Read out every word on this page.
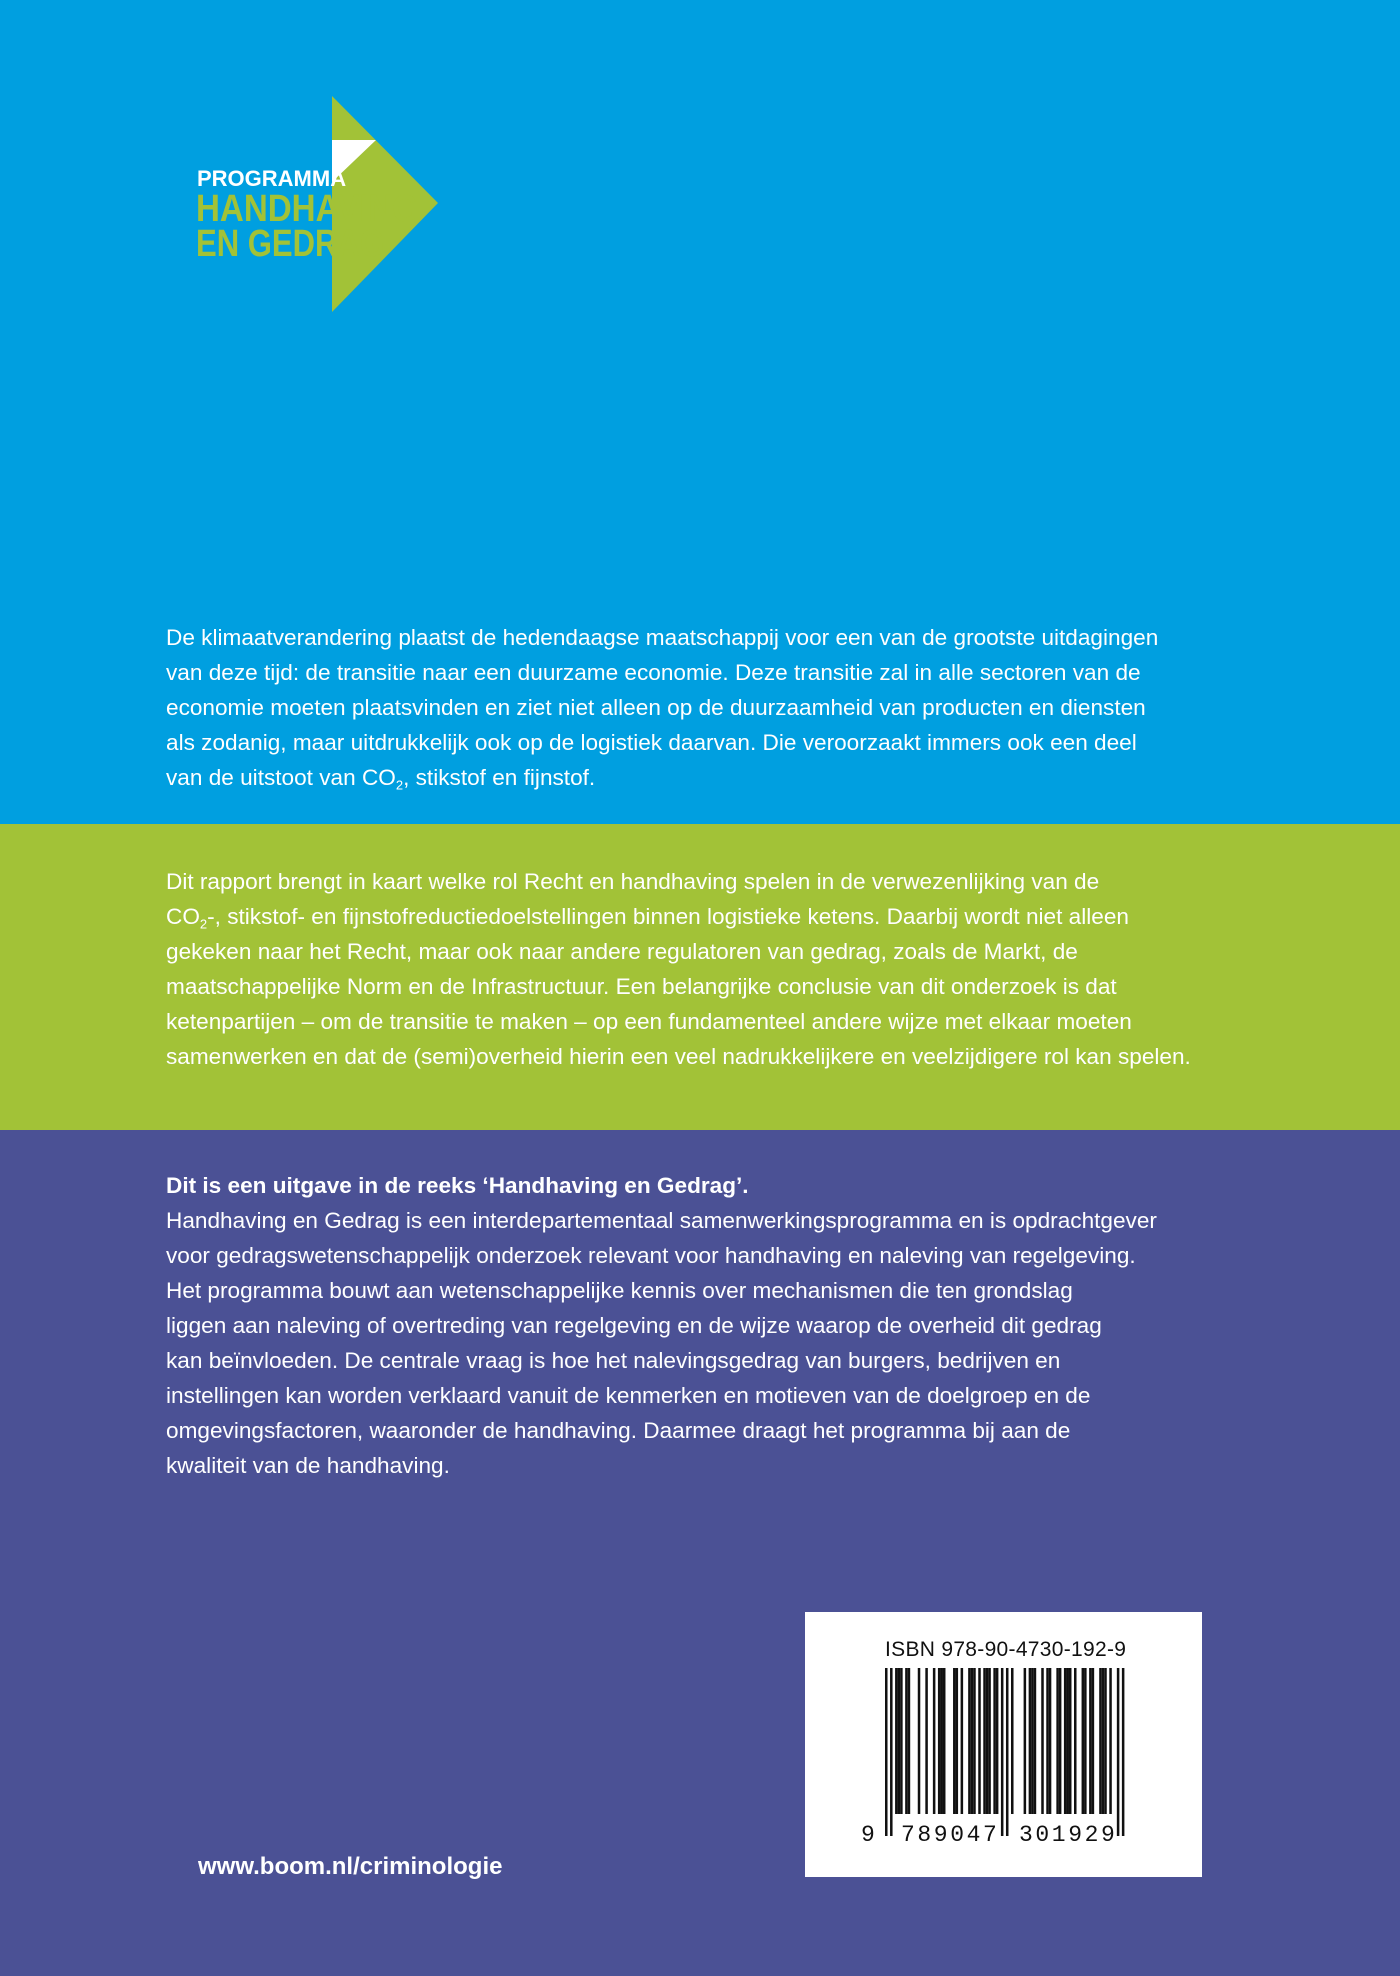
PROGRAMMA
HANDHAVING
EN GEDRAG

De klimaatverandering plaatst de hedendaagse maatschappij voor een van de grootste uitdagingen

van deze tijd: de transitie naar een duurzame economie. Deze transitie zal in alle sectoren van de

economie moeten plaatsvinden en ziet niet alleen op de duurzaamheid van producten en diensten

als zodanig, maar uitdrukkelijk ook op de logistiek daarvan. Die veroorzaakt immers ook een deel

van de uitstoot van $CO_2$, stikstof en fijnstof.

Dit rapport brengt in kaart welke rol Recht en handhaving spelen in de verwezenlijking van de

$CO_2-$, stikstof- en fijnstofreductiedoelstellingen binnen logistieke ketens. Daarbij wordt niet alleen

gekeken naar het Recht, maar ook naar andere regulatoren van gedrag, zoals de Markt, de

maatschappelijke Norm en de Infrastructuur. Een belangrijke conclusie van dit onderzoek is dat

ketenpartijen – om de transitie te maken – op een fundamenteel andere wijze met elkaar moeten

samenwerken en dat de (semi)overheid hierin een veel nadrukkelijkere en veelzijdigere rol kan spelen.

Dit is een uitgave in de reeks ‘Handhaving en Gedrag’.

Handhaving en Gedrag is een interdepartementaal samenwerkingsprogramma en is opdrachtgever

voor gedragswetenschappelijk onderzoek relevant voor handhaving en naleving van regelgeving.

Het programma bouwt aan wetenschappelijke kennis over mechanismen die ten grondslag

liggen aan naleving of overtreding van regelgeving en de wijze waarop de overheid dit gedrag

kan beïnvloeden. De centrale vraag is hoe het nalevingsgedrag van burgers, bedrijven en

instellingen kan worden verklaard vanuit de kenmerken en motieven van de doelgroep en de

omgevingsfactoren, waaronder de handhaving. Daarmee draagt het programma bij aan de

kwaliteit van de handhaving.

www.boom.nl/criminologie
ISBN 978-90-4730-192-9
9 789047 301929
